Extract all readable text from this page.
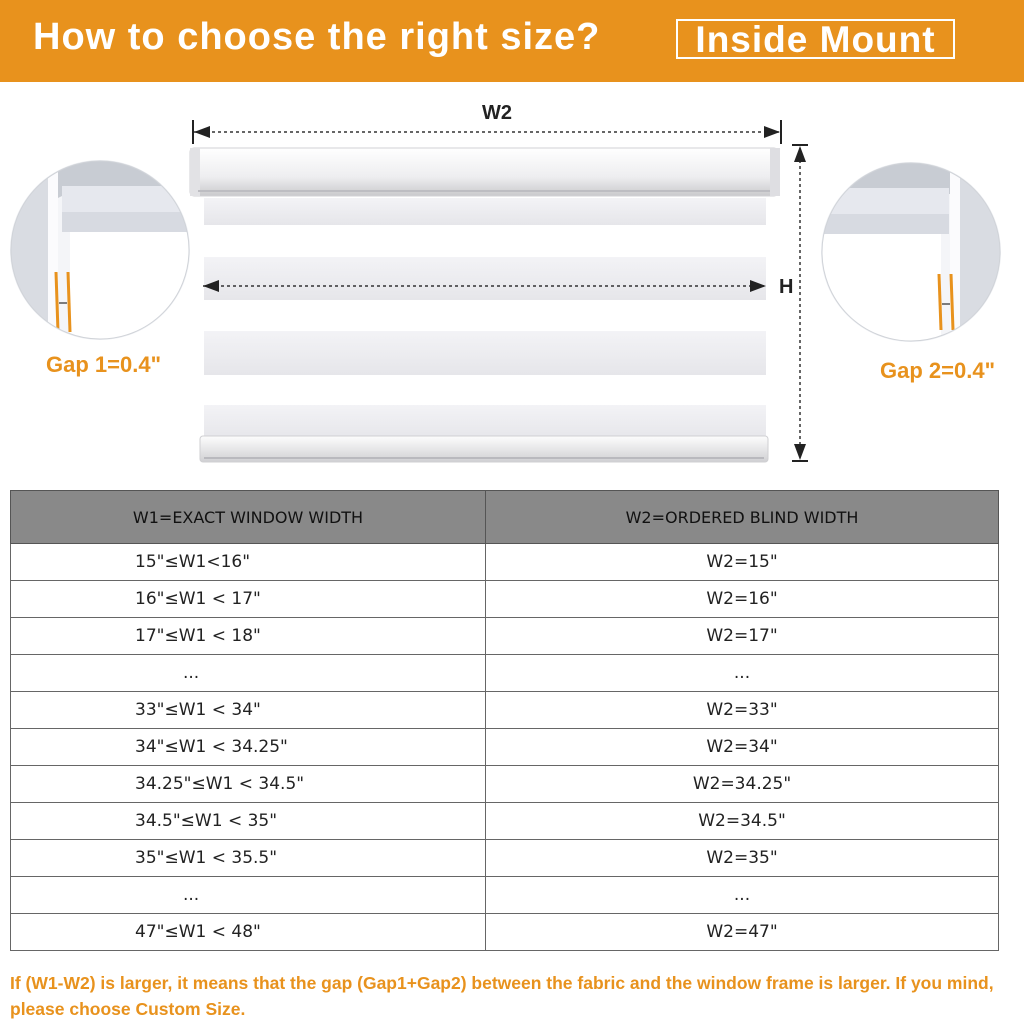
How to choose the right size?	Inside Mount
W2
H
Gap 1=0.4"	Gap 2=0.4"
W1=EXACT WINDOW WIDTH	W2=ORDERED BLIND WIDTH
15"≤W1<16"	W2=15"
16"≤W1 < 17"	W2=16"
17"≤W1 < 18"	W2=17"
...	...
33"≤W1 < 34"	W2=33"
34"≤W1 < 34.25"	W2=34"
34.25"≤W1 < 34.5"	W2=34.25"
34.5"≤W1 < 35"	W2=34.5"
35"≤W1 < 35.5"	W2=35"
...	...
47"≤W1 < 48"	W2=47"
If (W1-W2) is larger, it means that the gap (Gap1+Gap2) between the fabric and the window frame is larger. If you mind, please choose Custom Size.
